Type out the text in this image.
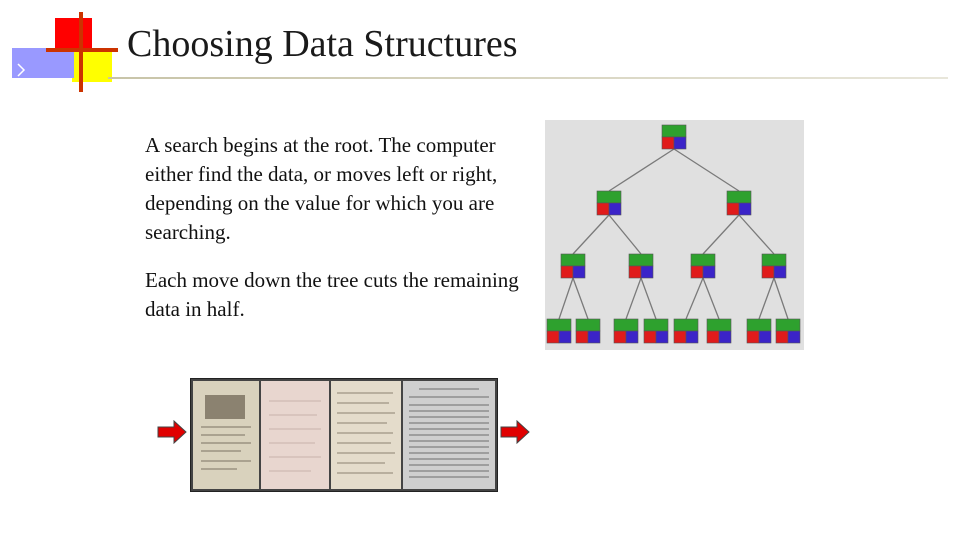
Choosing Data Structures

A search begins at the root. The computer either find the data, or moves left or right, depending on the value for which you are searching.

Each move down the tree cuts the remaining data in half.
